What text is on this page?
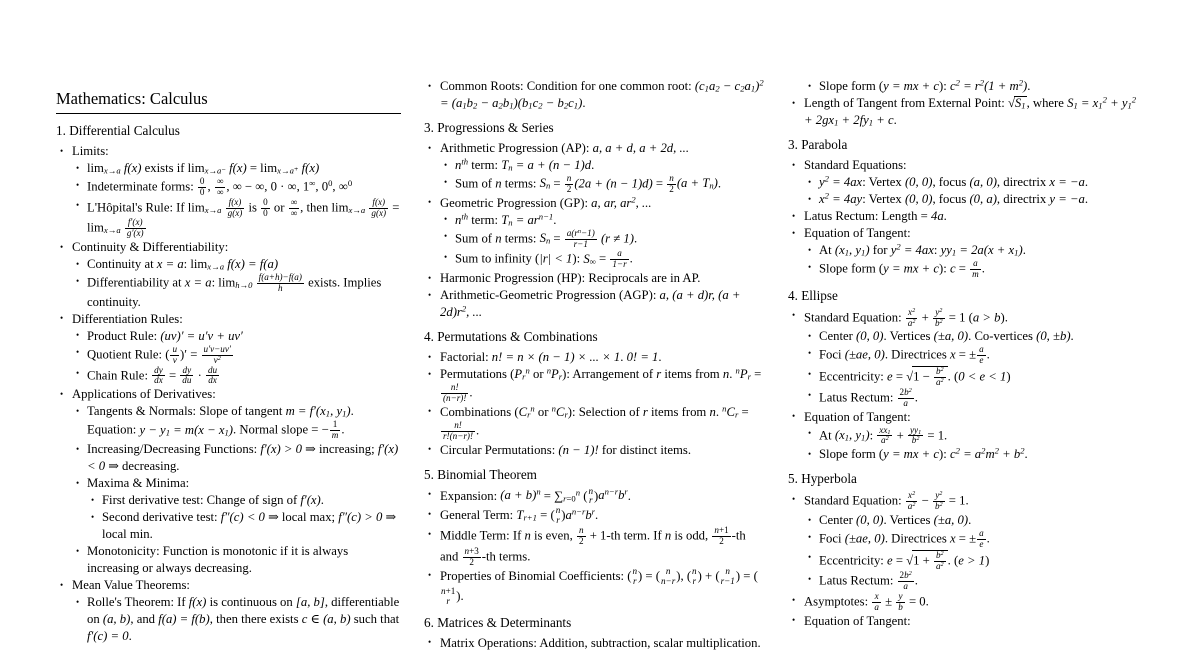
Mathematics: Calculus
1. Differential Calculus
• Limits:
• $\lim_{x\to a} f(x)$ exists if $\lim_{x\to a^-} f(x) = \lim_{x\to a^+} f(x)$
• Indeterminate forms: $\frac{0}{0}$ , ∞
∞ , ∞ − ∞, 0 · ∞, 1∞, $0^0$, ∞$^0$
• L'Hôpital's Rule: If $\lim_{x\to a} \frac{f(x)}{g(x)}$ is $\frac{0}{0}$ or ∞
∞ , then $\lim_{x\to a} \frac{f(x)}{g(x)} = \lim_{x\to a} \frac{f'(x)}{g'(x)}$
• Continuity & Differentiability:
• Continuity at x = a: $\lim_{x\to a} f(x) = f(a)$
• Differentiability at x = a: $\lim_{h\to 0} \frac{f(a+h)-f(a)}{h}$ exists. Implies continuity.
• Differentiation Rules:
• Product Rule: (uv)′ = u′v + uv′
• Quotient Rule: ( $\frac{u}{v}$ )′ = $\frac{u'v-uv'}{v^2}$
• Chain Rule: $\frac{dy}{dx} = \frac{dy}{du} \cdot \frac{du}{dx}$
• Applications of Derivatives:
• Tangents & Normals: Slope of tangent $m = f'(x_1$, $y_1$). Equation: $y - y_1 = m(x - x_1)$. Normal slope = − $\frac{1}{m}$ .
• Increasing/Decreasing Functions: f′(x) > 0 ⇒ increasing; f′(x) < 0 ⇒ decreasing.
• Maxima & Minima:
• First derivative test: Change of sign of f′(x).
• Second derivative test: f″(c) < 0 ⇒ local max; f″(c) > 0 ⇒ local min.
• Monotonicity: Function is monotonic if it is always increasing or always decreasing.
• Mean Value Theorems:
• Rolle's Theorem: If f(x) is continuous on [a, b], differentiable on (a, b), and f(a) = f(b), then there exists c ∈ (a, b) such that f′(c) = 0.
• Common Roots: Condition for one common root: $(c_1a_2 - c_2a_1)^2 = (a_1b_2 - a_2b_1)(b_1c_2 - b_2c_1)$.
3. Progressions & Series
• Arithmetic Progression (AP): a, a + d, a + 2d, ...
• $n^{th}$ term: $T_n = a + (n - 1)d$.
• Sum of n terms: $S_n = \frac{n}{2} (2a + (n - 1)d) = \frac{n}{2} (a + T_n)$.
• Geometric Progression (GP): a, ar, $ar^2$, ...
• $n^{th}$ term: $T_n = ar^{n-1}$.
• Sum of n terms: $S_n = \frac{a(r^n-1)}{r-1} (r \ne 1)$.
• Sum to infinity (|r| < 1): $S_\infty = \frac{a}{1-r}$ .
• Harmonic Progression (HP): Reciprocals are in AP.
• Arithmetic-Geometric Progression (AGP): a, (a + d)r, $(a + 2d)r^2$, ...
4. Permutations & Combinations
• Factorial: n! = n × (n − 1) × ... × 1. 0! = 1.
• Permutations ($P_r^n$ or $^nP_r$): Arrangement of r items from n. $^nP_r$ =
$\frac{n!}{(n-r)!}$ .
• Combinations ($C_r^n$ or $^nC_r$): Selection of r items from n. $^nC_r$ =
$\frac{n!}{r!(n-r)!}$ .
• Circular Permutations: (n − 1)! for distinct items.
5. Binomial Theorem
• Expansion: $(a + b)^n = \sum_{r=0}^n$ ( n
r )$a^{n-r}b^r$.
• General Term: $T_{r+1}$ = ( n
r )$a^{n-r}b^r$.
• Middle Term: If n is even, $\frac{n}{2} + 1-th$ term. If n is odd, $\frac{n+1}{2} -th$ and $\frac{n+3}{2} -th$ terms.
• Properties of Binomial Coefficients: ( n
r ) = ( n
n−r ), ( n
r ) + ( n
r−1 ) = (
n+1
r ).
6. Matrices & Determinants
• Matrix Operations: Addition, subtraction, scalar multiplication.
• Slope form (y = mx + c): $c^2 = r^2(1 + m^2)$.
• Length of Tangent from External Point: $√S_1$, where $S_1 = x_1^2 + y_1^2 + 2gx_1 + 2fy_1 + c$.
3. Parabola
• Standard Equations:
• $y^2 = 4ax$: Vertex (0, 0), focus (a, 0), directrix x = −a.
• $x^2 = 4ay$: Vertex (0, 0), focus (0, a), directrix y = −a.
• Latus Rectum: Length = 4a.
• Equation of Tangent:
• At ($x_1$, $y_1$) for $y^2 = 4ax$: $yy_1 = 2a(x + x_1)$.
• Slope form (y = mx + c): $c = \frac{a}{m}$ .
4. Ellipse
• Standard Equation: $\frac{x^2}{a^2} + \frac{y^2}{b^2} = 1$ (a > b).
• Center (0, 0). Vertices (±a, 0). Co-vertices (0, ±b).
• Foci (±ae, 0). Directrices x = ± $\frac{a}{e}$ .
• Eccentricity: $e = √1 - \frac{b^2}{a^2}$ . (0 < e < 1)
• Latus Rectum: $\frac{2b^2}{a}$ .
• Equation of Tangent:
• At ($x_1$, $y_1$): $\frac{xx_1}{a^2} + \frac{yy_1}{b^2} = 1$.
• Slope form (y = mx + c): $c^2 = a^2m^2 + b^2$.
5. Hyperbola
• Standard Equation: $\frac{x^2}{a^2} - \frac{y^2}{b^2} = 1$.
• Center (0, 0). Vertices (±a, 0).
• Foci (±ae, 0). Directrices x = ± $\frac{a}{e}$ .
• Eccentricity: $e = √1 + \frac{b^2}{a^2}$ . (e > 1)
• Latus Rectum: $\frac{2b^2}{a}$ .
• Asymptotes: $\frac{x}{a} \pm \frac{y}{b} = 0$.
• Equation of Tangent:
